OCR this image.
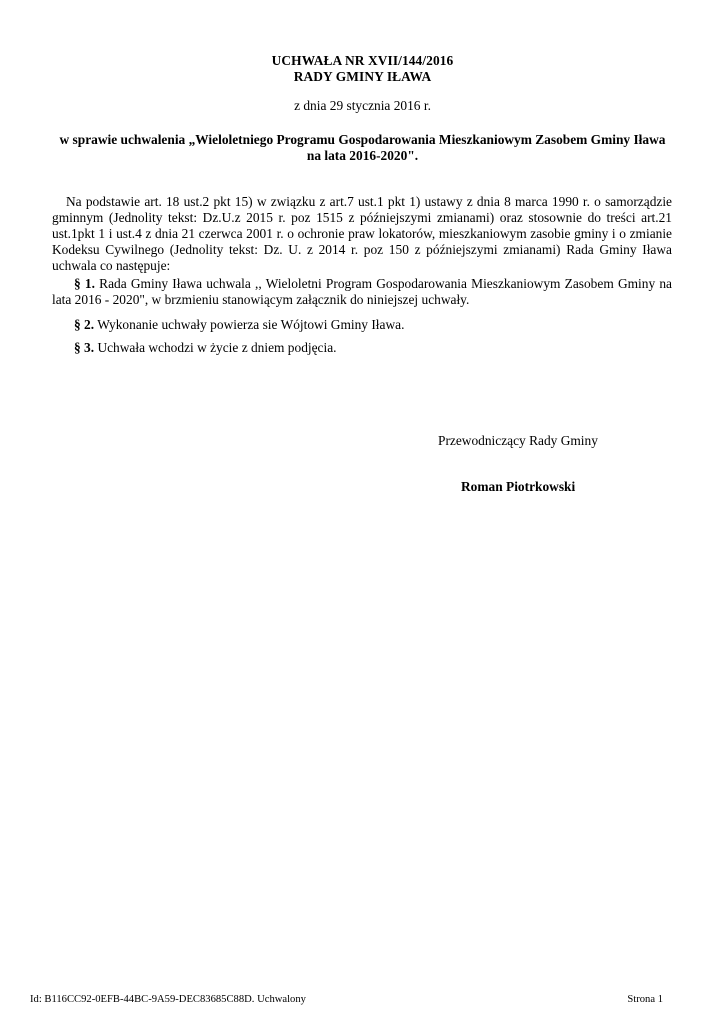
UCHWAŁA NR XVII/144/2016
RADY GMINY IŁAWA
z dnia 29 stycznia 2016 r.
w sprawie uchwalenia „Wieloletniego Programu Gospodarowania Mieszkaniowym Zasobem Gminy Iława
na lata 2016-2020".
Na podstawie art. 18 ust.2 pkt 15) w związku z art.7 ust.1 pkt 1) ustawy z dnia 8 marca 1990 r. o samorządzie gminnym (Jednolity tekst: Dz.U.z 2015 r. poz 1515 z późniejszymi zmianami) oraz stosownie do treści art.21 ust.1pkt 1 i ust.4 z dnia 21 czerwca 2001 r. o ochronie praw lokatorów, mieszkaniowym zasobie gminy i o zmianie Kodeksu Cywilnego (Jednolity tekst: Dz. U. z 2014 r. poz 150 z późniejszymi zmianami) Rada Gminy Iława uchwala co następuje:
§ 1. Rada Gminy Iława uchwala ,, Wieloletni Program Gospodarowania Mieszkaniowym Zasobem Gminy na lata 2016 - 2020", w brzmieniu stanowiącym załącznik do niniejszej uchwały.
§ 2. Wykonanie uchwały powierza sie Wójtowi Gminy Iława.
§ 3. Uchwała wchodzi w życie z dniem podjęcia.
Przewodniczący Rady Gminy
Roman Piotrkowski
Id: B116CC92-0EFB-44BC-9A59-DEC83685C88D. Uchwalony	Strona 1
